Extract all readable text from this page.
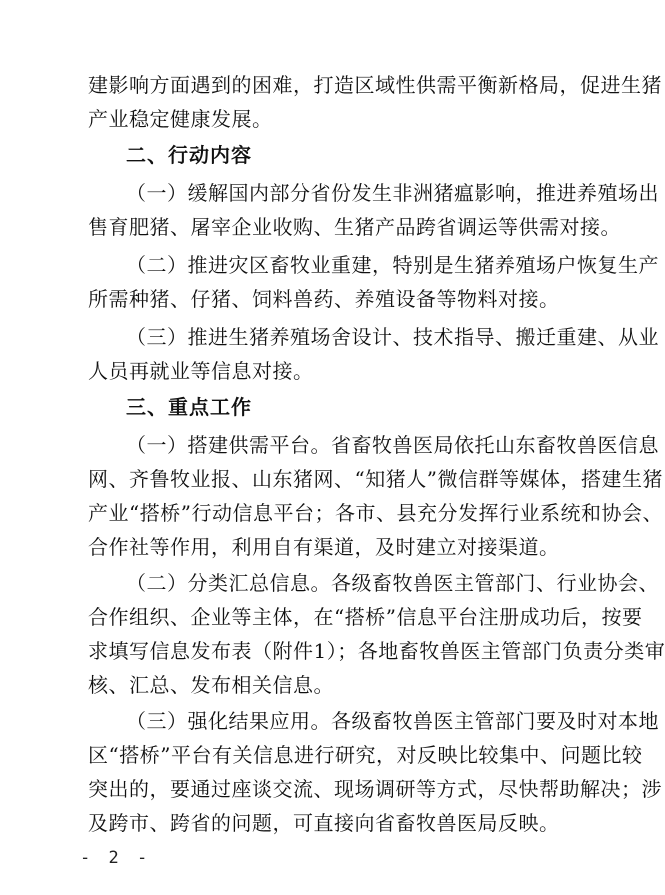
建影响方面遇到的困难，打造区域性供需平衡新格局，促进生猪
产业稳定健康发展。
二、行动内容
（一）缓解国内部分省份发生非洲猪瘟影响，推进养殖场出
售育肥猪、屠宰企业收购、生猪产品跨省调运等供需对接。
（二）推进灾区畜牧业重建，特别是生猪养殖场户恢复生产
所需种猪、仔猪、饲料兽药、养殖设备等物料对接。
（三）推进生猪养殖场舍设计、技术指导、搬迁重建、从业
人员再就业等信息对接。
三、重点工作
（一）搭建供需平台。省畜牧兽医局依托山东畜牧兽医信息
网、齐鲁牧业报、山东猪网、“知猪人”微信群等媒体，搭建生猪
产业“搭桥”行动信息平台；各市、县充分发挥行业系统和协会、
合作社等作用，利用自有渠道，及时建立对接渠道。
（二）分类汇总信息。各级畜牧兽医主管部门、行业协会、
合作组织、企业等主体，在“搭桥”信息平台注册成功后，按要
求填写信息发布表（附件1）；各地畜牧兽医主管部门负责分类审
核、汇总、发布相关信息。
（三）强化结果应用。各级畜牧兽医主管部门要及时对本地
区“搭桥”平台有关信息进行研究，对反映比较集中、问题比较
突出的，要通过座谈交流、现场调研等方式，尽快帮助解决；涉
及跨市、跨省的问题，可直接向省畜牧兽医局反映。
- 2 -
